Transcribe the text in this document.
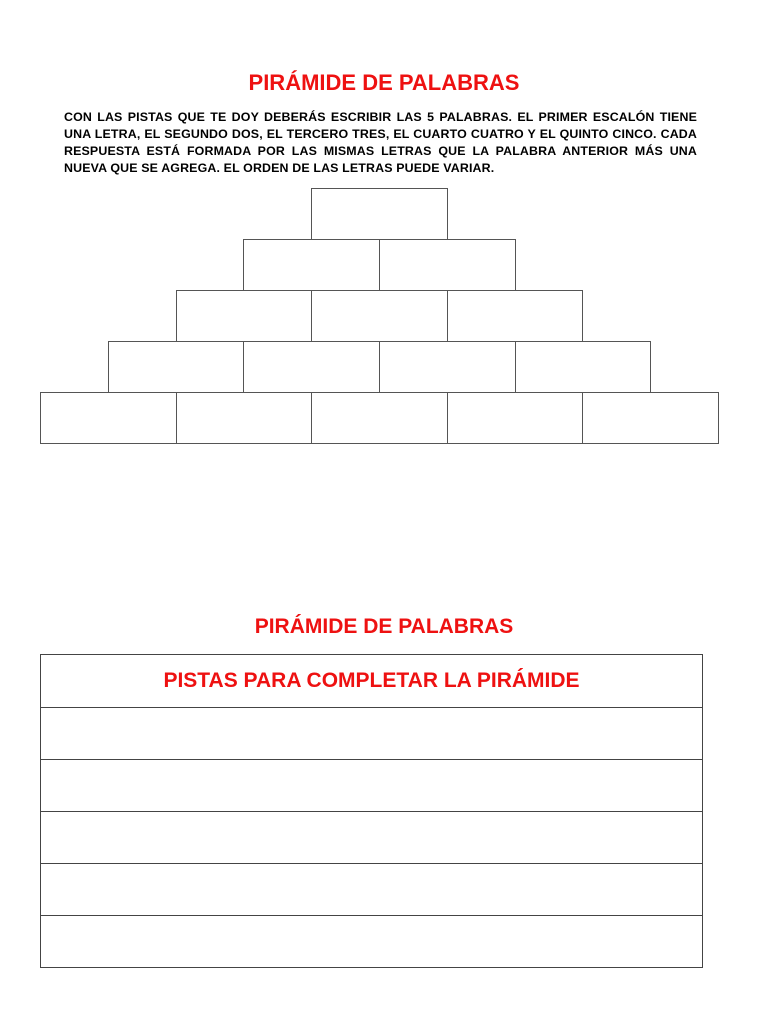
PIRÁMIDE DE PALABRAS
CON LAS PISTAS QUE TE DOY DEBERÁS ESCRIBIR LAS 5 PALABRAS. EL PRIMER ESCALÓN TIENE UNA LETRA, EL SEGUNDO DOS, EL TERCERO TRES, EL CUARTO CUATRO Y EL QUINTO CINCO. CADA RESPUESTA ESTÁ FORMADA POR LAS MISMAS LETRAS QUE LA PALABRA ANTERIOR MÁS UNA NUEVA QUE SE AGREGA. EL ORDEN DE LAS LETRAS PUEDE VARIAR.
PIRÁMIDE DE PALABRAS
PISTAS PARA COMPLETAR LA PIRÁMIDE
